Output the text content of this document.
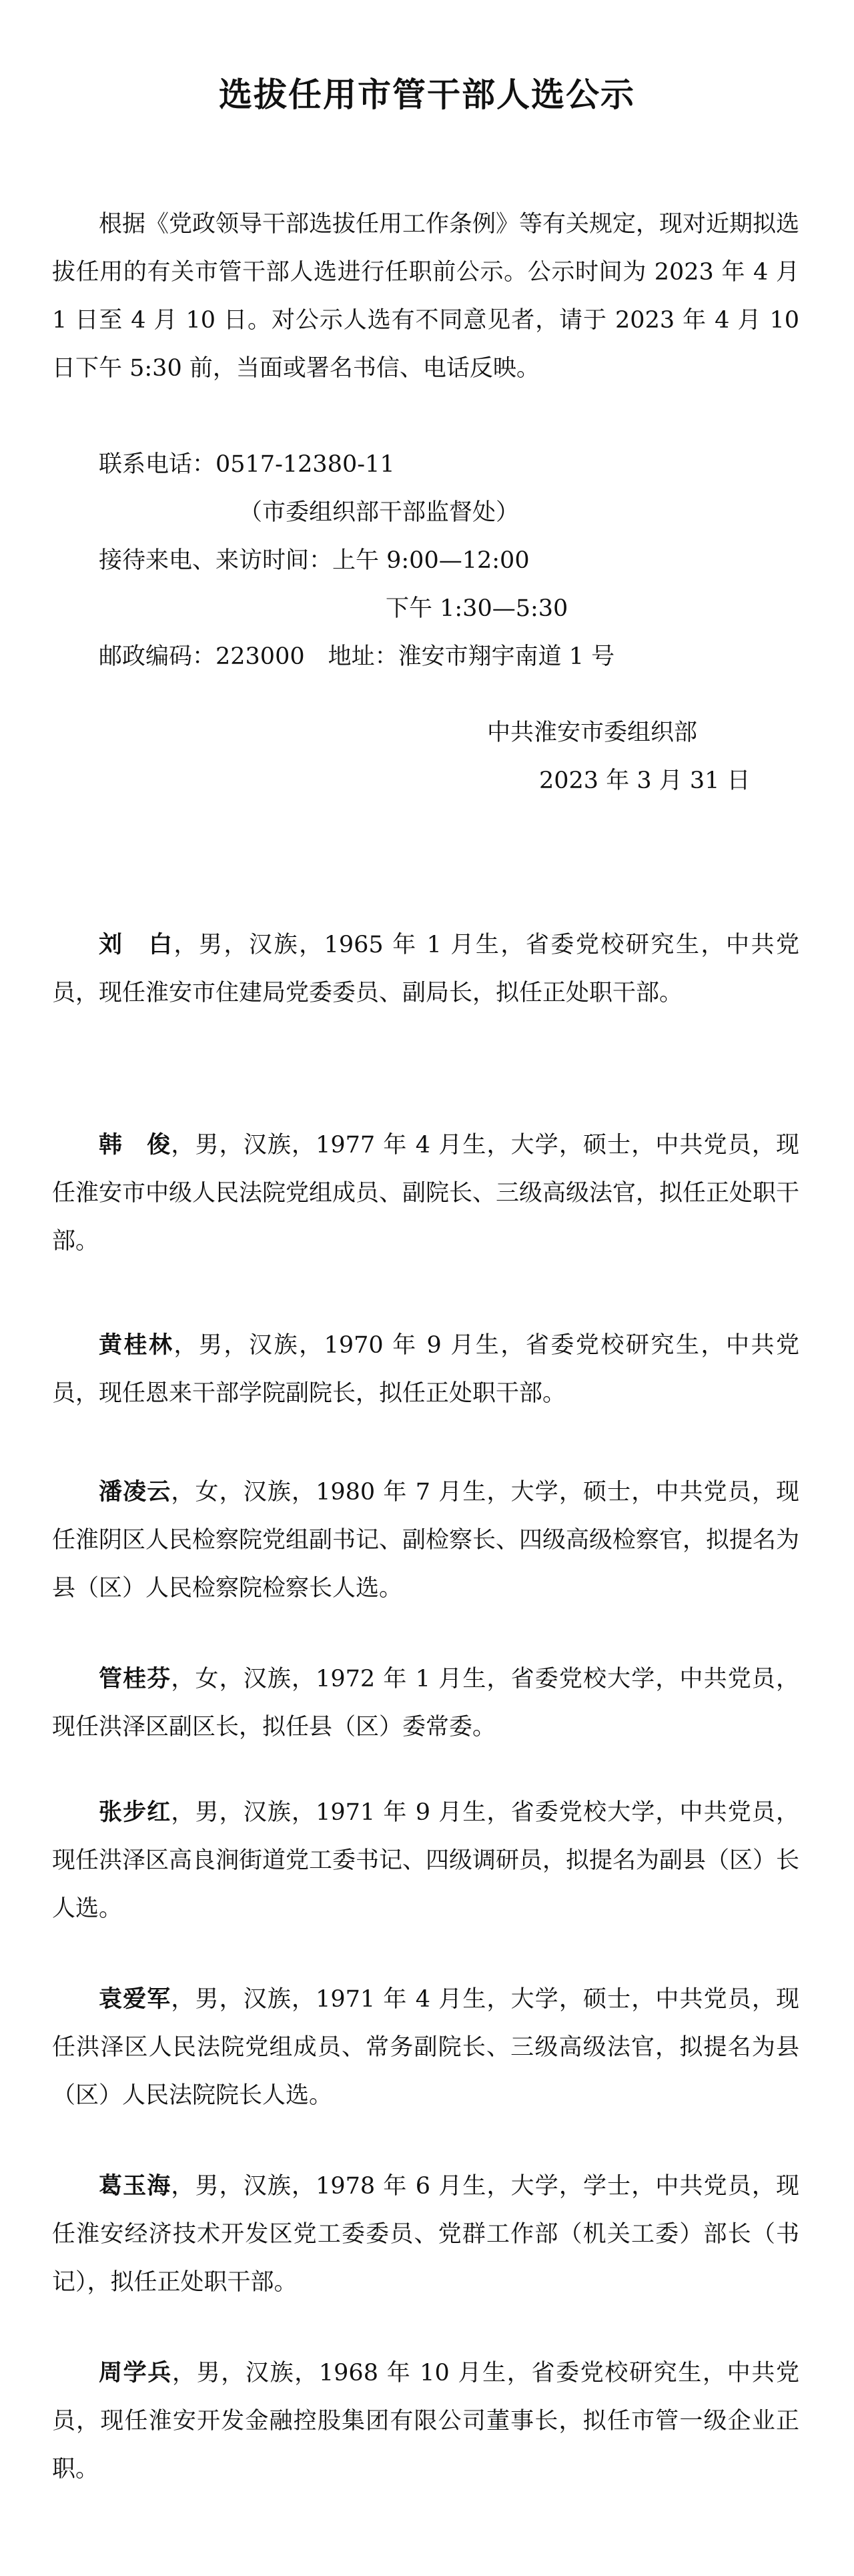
选拔任用市管干部人选公示

根据《党政领导干部选拔任用工作条例》等有关规定，现对近期拟选拔任用的有关市管干部人选进行任职前公示。公示时间为 2023 年 4 月 1 日至 4 月 10 日。对公示人选有不同意见者，请于 2023 年 4 月 10 日下午 5:30 前，当面或署名书信、电话反映。

联系电话：0517-12380-11
（市委组织部干部监督处）
接待来电、来访时间：上午 9:00—12:00
下午 1:30—5:30
邮政编码：223000　地址：淮安市翔宇南道 1 号
中共淮安市委组织部
2023 年 3 月 31 日

刘　白，男，汉族，1965 年 1 月生，省委党校研究生，中共党员，现任淮安市住建局党委委员、副局长，拟任正处职干部。

韩　俊，男，汉族，1977 年 4 月生，大学，硕士，中共党员，现任淮安市中级人民法院党组成员、副院长、三级高级法官，拟任正处职干部。

黄桂林，男，汉族，1970 年 9 月生，省委党校研究生，中共党员，现任恩来干部学院副院长，拟任正处职干部。

潘凌云，女，汉族，1980 年 7 月生，大学，硕士，中共党员，现任淮阴区人民检察院党组副书记、副检察长、四级高级检察官，拟提名为县（区）人民检察院检察长人选。

管桂芬，女，汉族，1972 年 1 月生，省委党校大学，中共党员，现任洪泽区副区长，拟任县（区）委常委。

张步红，男，汉族，1971 年 9 月生，省委党校大学，中共党员，现任洪泽区高良涧街道党工委书记、四级调研员，拟提名为副县（区）长人选。

袁爱军，男，汉族，1971 年 4 月生，大学，硕士，中共党员，现任洪泽区人民法院党组成员、常务副院长、三级高级法官，拟提名为县（区）人民法院院长人选。

葛玉海，男，汉族，1978 年 6 月生，大学，学士，中共党员，现任淮安经济技术开发区党工委委员、党群工作部（机关工委）部长（书记），拟任正处职干部。

周学兵，男，汉族，1968 年 10 月生，省委党校研究生，中共党员，现任淮安开发金融控股集团有限公司董事长，拟任市管一级企业正职。
